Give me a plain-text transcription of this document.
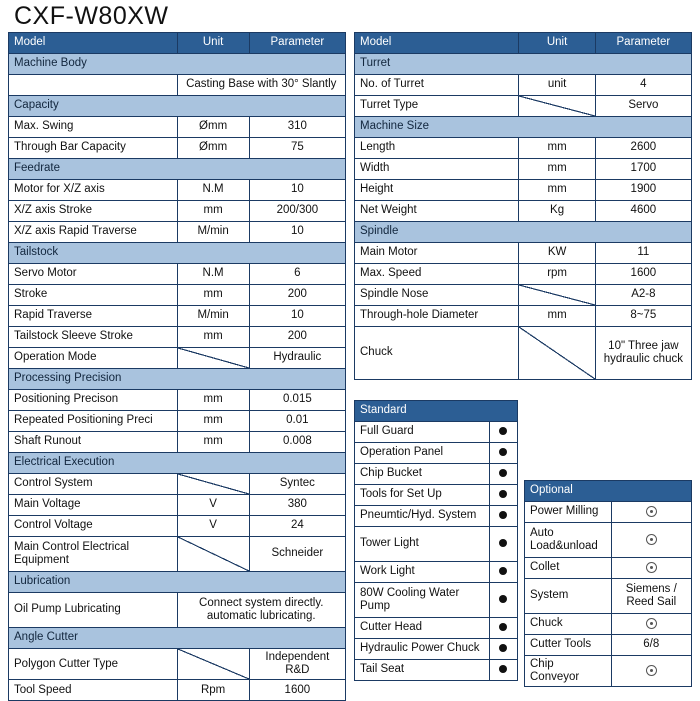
CXF-W80XW
Model	Unit	Parameter
Machine Body		
	Casting Base with 30° Slantly	
Capacity		
Max. Swing	Ømm	310
Through Bar Capacity	Ømm	75
Feedrate		
Motor for X/Z axis	N.M	10
X/Z axis Stroke	mm	200/300
X/Z axis Rapid Traverse	M/min	10
Tailstock		
Servo Motor	N.M	6
Stroke	mm	200
Rapid Traverse	M/min	10
Tailstock Sleeve Stroke	mm	200
Operation Mode		Hydraulic
Processing Precision		
Positioning Precison	mm	0.015
Repeated Positioning Preci	mm	0.01
Shaft Runout	mm	0.008
Electrical Execution		
Control System		Syntec
Main Voltage	V	380
Control Voltage	V	24
Main Control Electrical Equipment		Schneider
Lubrication		
Oil Pump Lubricating	Connect system directly. automatic lubricating.	
Angle Cutter		
Polygon Cutter Type		Independent R&D
Tool Speed	Rpm	1600
Model	Unit	Parameter
Turret		
No. of Turret	unit	4
Turret Type		Servo
Machine Size		
Length	mm	2600
Width	mm	1700
Height	mm	1900
Net Weight	Kg	4600
Spindle		
Main Motor	KW	11
Max. Speed	rpm	1600
Spindle Nose		A2-8
Through-hole Diameter	mm	8~75
Chuck		10" Three jaw hydraulic chuck
Standard	
Full Guard	
Operation Panel	
Chip Bucket	
Tools for Set Up	
Pneumtic/Hyd. System	
Tower Light	
Work Light	
80W Cooling Water Pump	
Cutter Head	
Hydraulic Power Chuck	
Tail Seat	
Optional	
Power Milling	
Auto Load&unload	
Collet	
System	Siemens / Reed Sail
Chuck	
Cutter Tools	6/8
Chip Conveyor	
